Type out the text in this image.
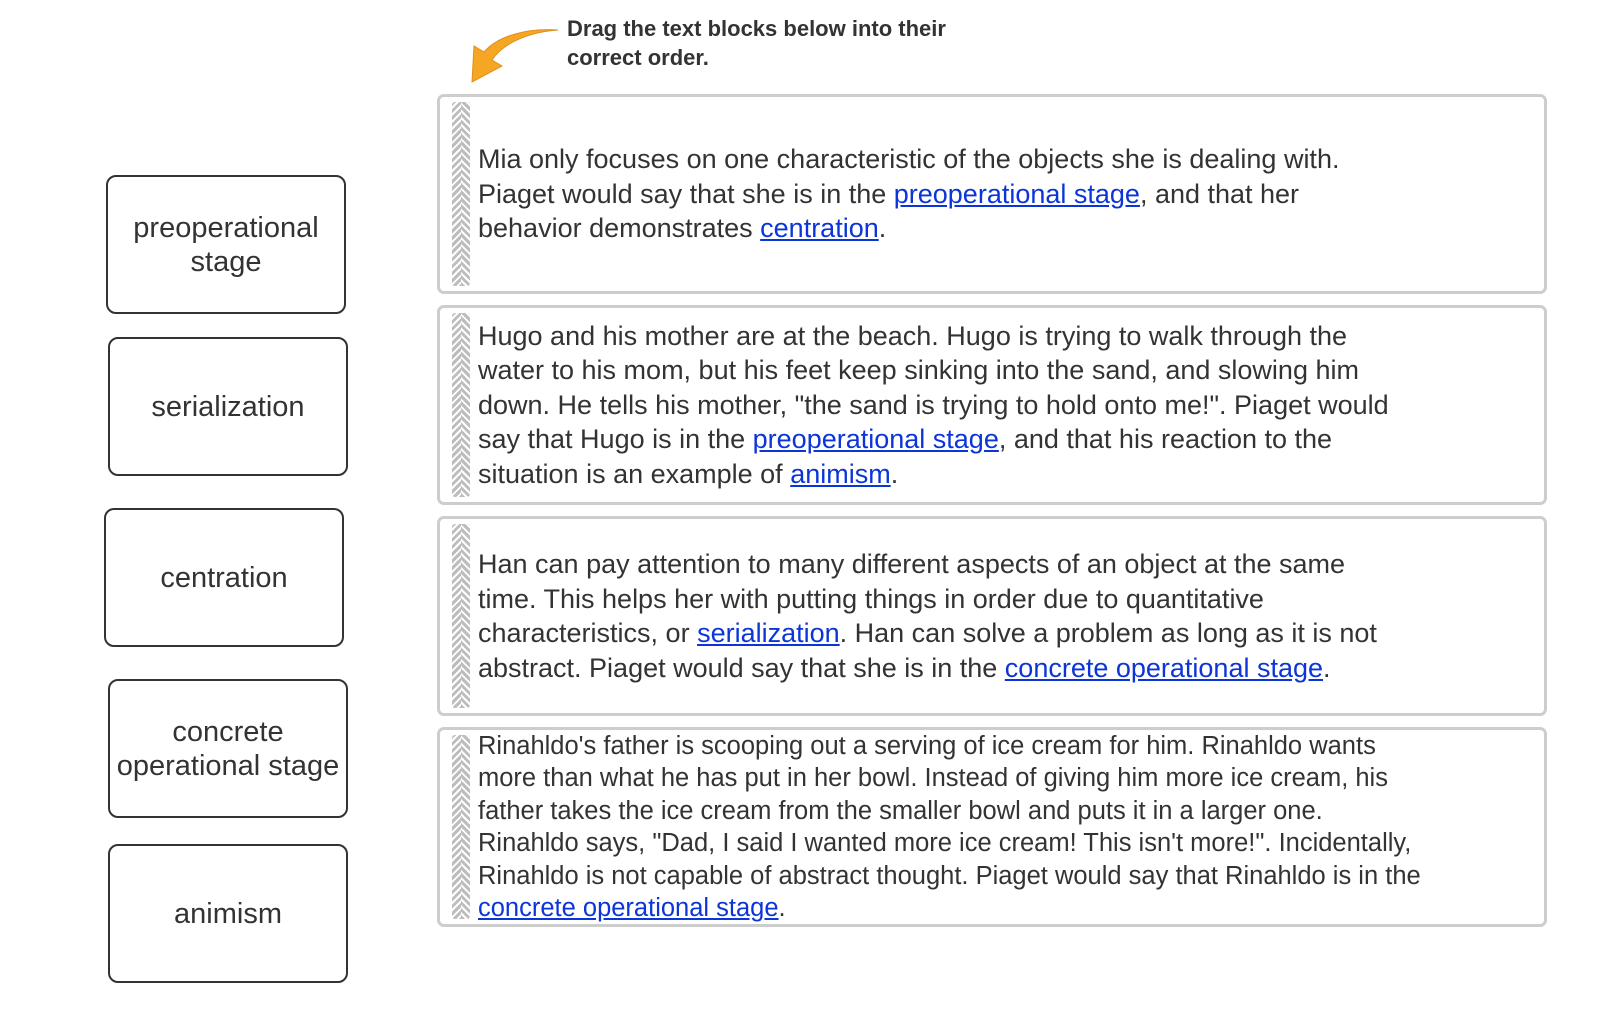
Drag the text blocks below into their
correct order.
preoperational stage
serialization
centration
concrete operational stage
animism
Mia only focuses on one characteristic of the objects she is dealing with. Piaget would say that she is in the preoperational stage, and that her behavior demonstrates centration.
Hugo and his mother are at the beach. Hugo is trying to walk through the water to his mom, but his feet keep sinking into the sand, and slowing him down. He tells his mother, "the sand is trying to hold onto me!". Piaget would say that Hugo is in the preoperational stage, and that his reaction to the situation is an example of animism.
Han can pay attention to many different aspects of an object at the same time. This helps her with putting things in order due to quantitative characteristics, or serialization. Han can solve a problem as long as it is not abstract. Piaget would say that she is in the concrete operational stage.
Rinahldo's father is scooping out a serving of ice cream for him. Rinahldo wants more than what he has put in her bowl. Instead of giving him more ice cream, his father takes the ice cream from the smaller bowl and puts it in a larger one. Rinahldo says, "Dad, I said I wanted more ice cream! This isn't more!". Incidentally, Rinahldo is not capable of abstract thought. Piaget would say that Rinahldo is in the concrete operational stage.
